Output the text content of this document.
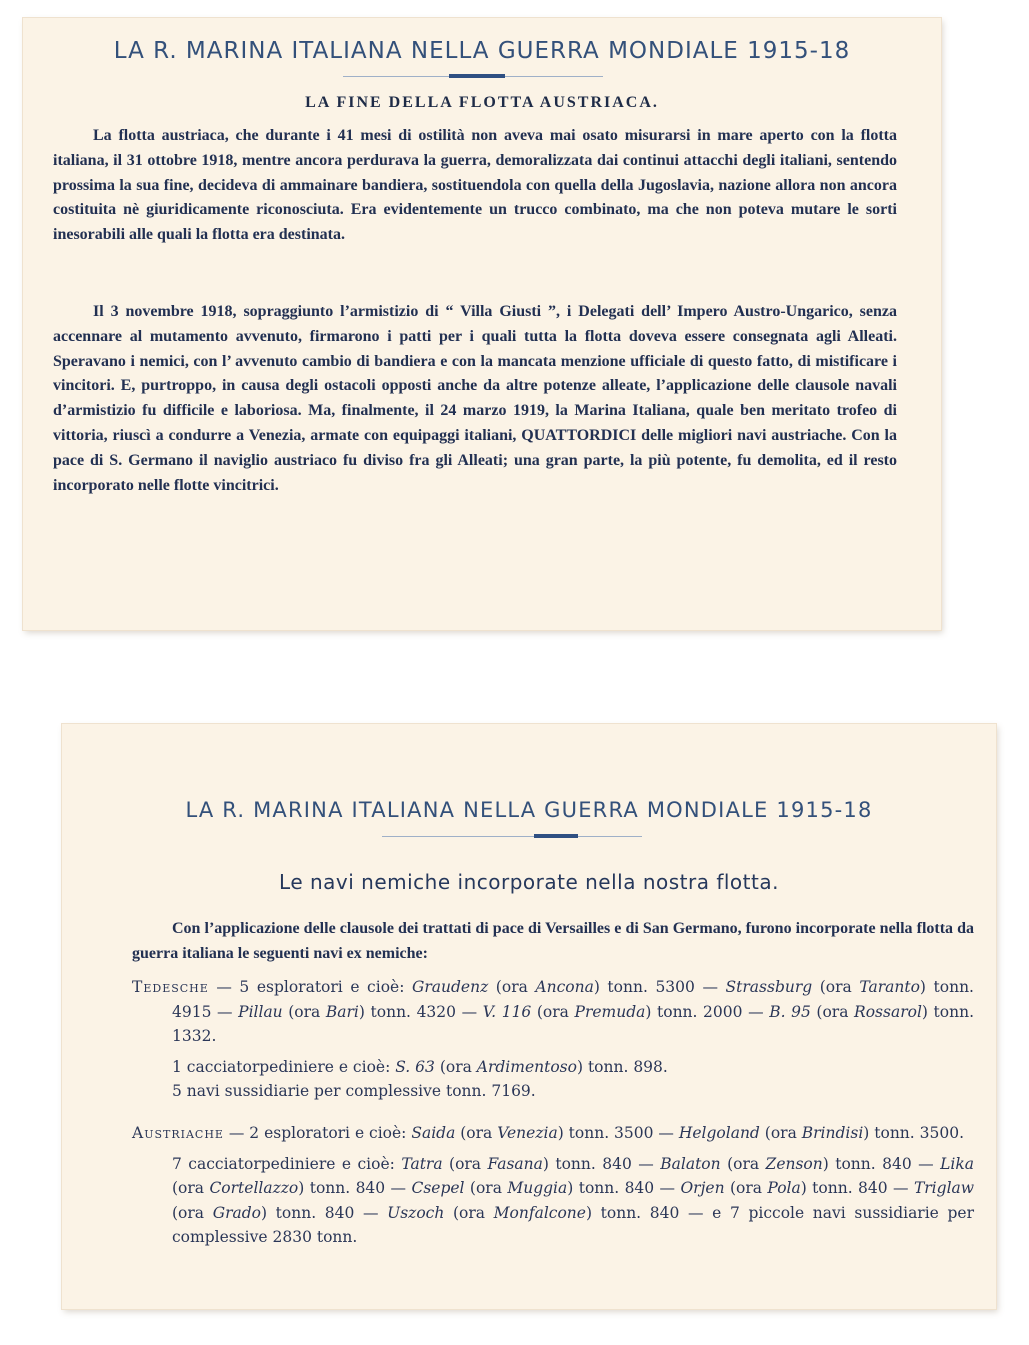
LA R. MARINA ITALIANA NELLA GUERRA MONDIALE 1915-18
LA FINE DELLA FLOTTA AUSTRIACA.

La flotta austriaca, che durante i 41 mesi di ostilità non aveva mai osato misurarsi in mare aperto con la flotta italiana, il 31 ottobre 1918, mentre ancora perdurava la guerra, demoralizzata dai continui attacchi degli italiani, sentendo prossima la sua fine, decideva di ammainare bandiera, sostituendola con quella della Jugoslavia, nazione allora non ancora costituita nè giuridicamente riconosciuta. Era evidentemente un trucco combinato, ma che non poteva mutare le sorti inesorabili alle quali la flotta era destinata.

Il 3 novembre 1918, sopraggiunto l’armistizio di “ Villa Giusti ”, i Delegati dell’ Impero Austro-Ungarico, senza accennare al mutamento avvenuto, firmarono i patti per i quali tutta la flotta doveva essere consegnata agli Alleati. Speravano i nemici, con l’ avvenuto cambio di bandiera e con la mancata menzione ufficiale di questo fatto, di mistificare i vincitori. E, purtroppo, in causa degli ostacoli opposti anche da altre potenze alleate, l’applicazione delle clausole navali d’armistizio fu difficile e laboriosa. Ma, finalmente, il 24 marzo 1919, la Marina Italiana, quale ben meritato trofeo di vittoria, riuscì a condurre a Venezia, armate con equipaggi italiani, QUATTORDICI delle migliori navi austriache. Con la pace di S. Germano il naviglio austriaco fu diviso fra gli Alleati; una gran parte, la più potente, fu demolita, ed il resto incorporato nelle flotte vincitrici.

LA R. MARINA ITALIANA NELLA GUERRA MONDIALE 1915-18
Le navi nemiche incorporate nella nostra flotta.

Con l’applicazione delle clausole dei trattati di pace di Versailles e di San Germano, furono incorporate nella flotta da guerra italiana le seguenti navi ex nemiche:

Tedesche — 5 esploratori e cioè: Graudenz (ora Ancona) tonn. 5300 — Strassburg (ora Taranto) tonn. 4915 — Pillau (ora Bari) tonn. 4320 — V. 116 (ora Premuda) tonn. 2000 — B. 95 (ora Rossarol) tonn. 1332.

1 cacciatorpediniere e cioè: S. 63 (ora Ardimentoso) tonn. 898.

5 navi sussidiarie per complessive tonn. 7169.

Austriache — 2 esploratori e cioè: Saida (ora Venezia) tonn. 3500 — Helgoland (ora Brindisi) tonn. 3500.

7 cacciatorpediniere e cioè: Tatra (ora Fasana) tonn. 840 — Balaton (ora Zenson) tonn. 840 — Lika (ora Cortellazzo) tonn. 840 — Csepel (ora Muggia) tonn. 840 — Orjen (ora Pola) tonn. 840 — Triglaw (ora Grado) tonn. 840 — Uszoch (ora Monfalcone) tonn. 840 — e 7 piccole navi sussidiarie per complessive 2830 tonn.
